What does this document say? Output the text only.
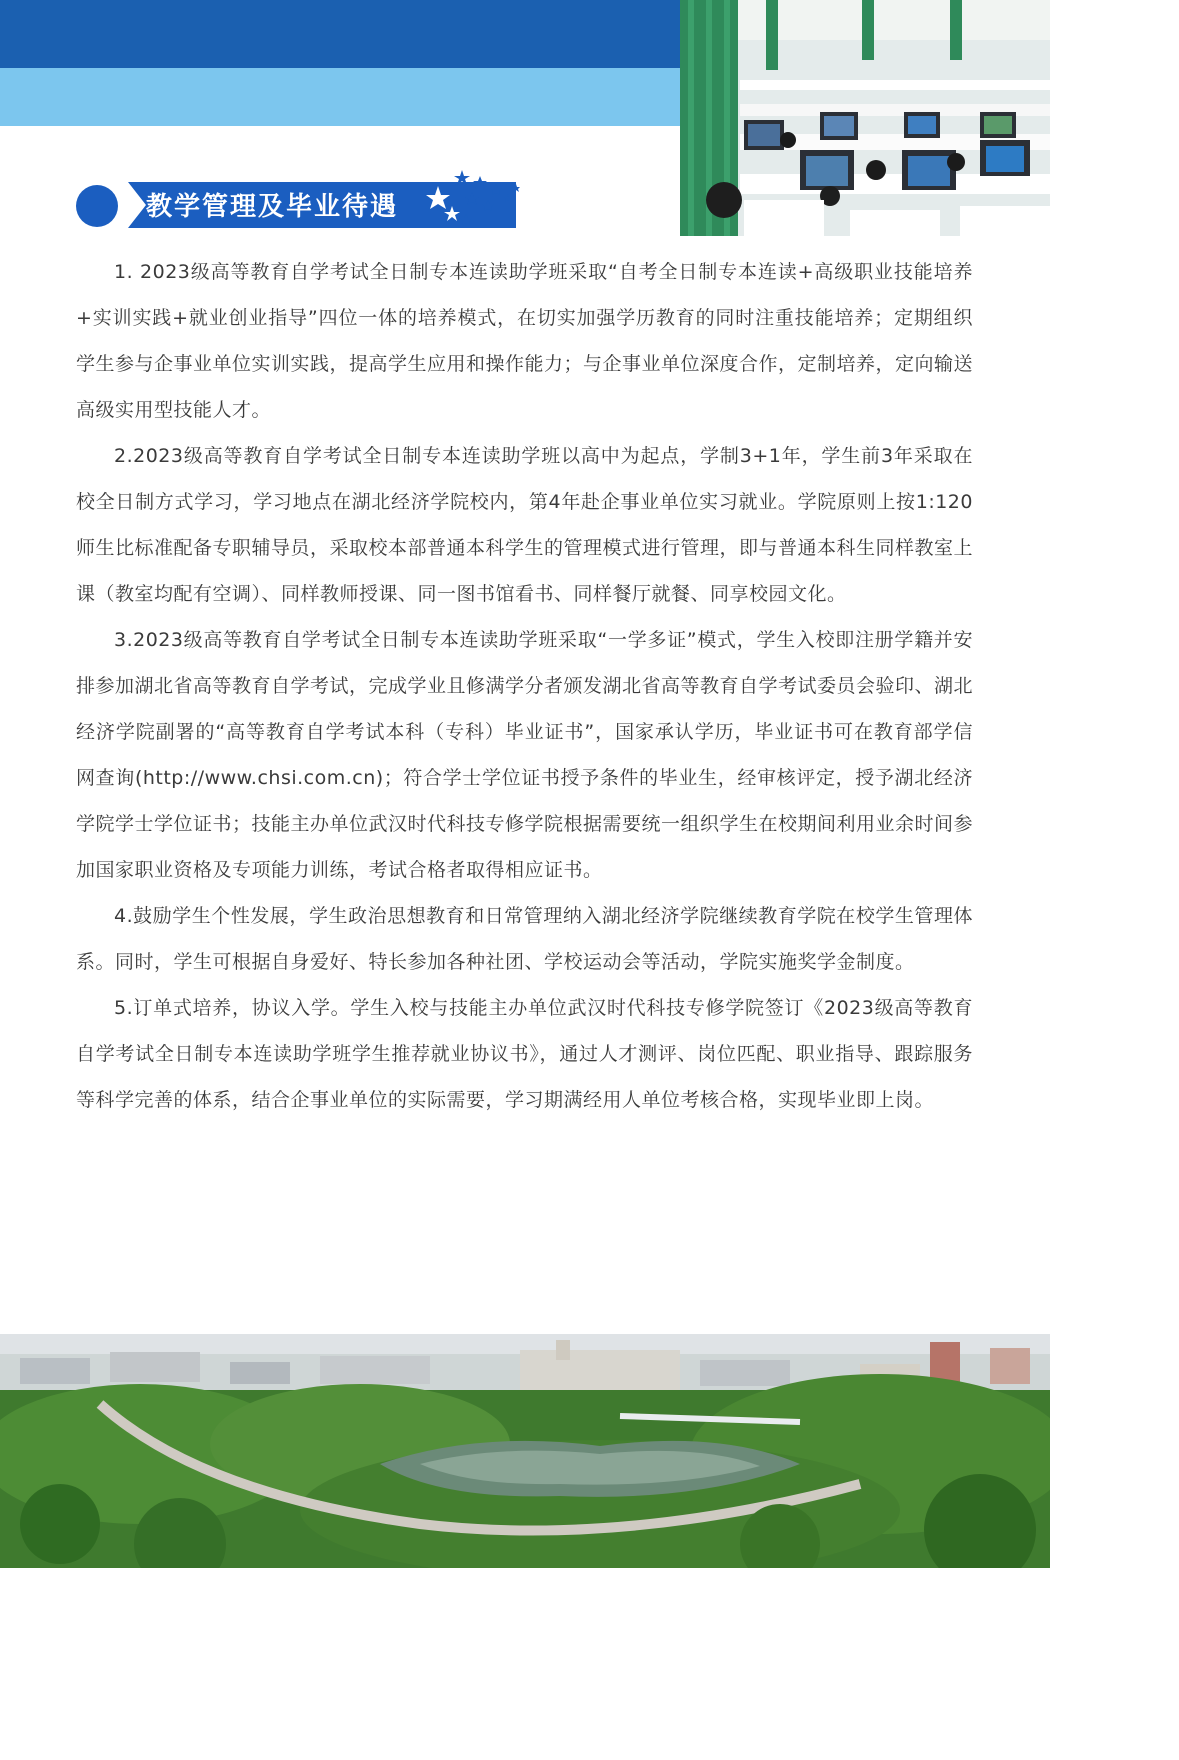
教学管理及毕业待遇

1. 2023级高等教育自学考试全日制专本连读助学班采取“自考全日制专本连读+高级职业技能培养+实训实践+就业创业指导”四位一体的培养模式，在切实加强学历教育的同时注重技能培养；定期组织学生参与企事业单位实训实践，提高学生应用和操作能力；与企事业单位深度合作，定制培养，定向输送高级实用型技能人才。

2.2023级高等教育自学考试全日制专本连读助学班以高中为起点，学制3+1年，学生前3年采取在校全日制方式学习，学习地点在湖北经济学院校内，第4年赴企事业单位实习就业。学院原则上按1:120师生比标准配备专职辅导员，采取校本部普通本科学生的管理模式进行管理，即与普通本科生同样教室上课（教室均配有空调）、同样教师授课、同一图书馆看书、同样餐厅就餐、同享校园文化。

3.2023级高等教育自学考试全日制专本连读助学班采取“一学多证”模式，学生入校即注册学籍并安排参加湖北省高等教育自学考试，完成学业且修满学分者颁发湖北省高等教育自学考试委员会验印、湖北经济学院副署的“高等教育自学考试本科（专科）毕业证书”，国家承认学历，毕业证书可在教育部学信网查询(http://www.chsi.com.cn)；符合学士学位证书授予条件的毕业生，经审核评定，授予湖北经济学院学士学位证书；技能主办单位武汉时代科技专修学院根据需要统一组织学生在校期间利用业余时间参加国家职业资格及专项能力训练，考试合格者取得相应证书。

4.鼓励学生个性发展，学生政治思想教育和日常管理纳入湖北经济学院继续教育学院在校学生管理体系。同时，学生可根据自身爱好、特长参加各种社团、学校运动会等活动，学院实施奖学金制度。

5.订单式培养，协议入学。学生入校与技能主办单位武汉时代科技专修学院签订《2023级高等教育自学考试全日制专本连读助学班学生推荐就业协议书》，通过人才测评、岗位匹配、职业指导、跟踪服务等科学完善的体系，结合企事业单位的实际需要，学习期满经用人单位考核合格，实现毕业即上岗。
